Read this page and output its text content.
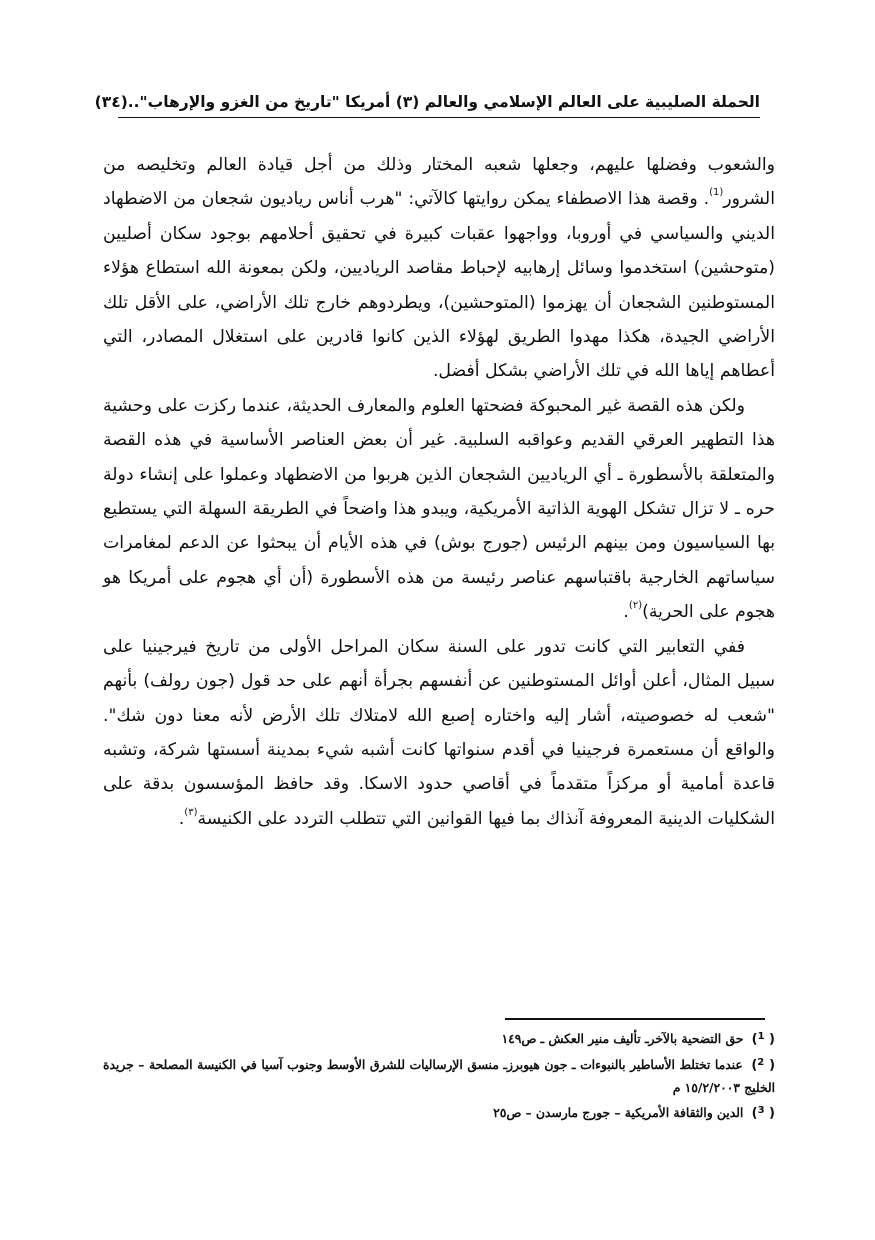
الحملة الصليبية على العالم الإسلامي والعالم (٣) أمريكا "تاريخ من الغزو والإرهاب"..
(٣٤)

والشعوب وفضلها عليهم، وجعلها شعبه المختار وذلك من أجل قيادة العالم وتخليصه من الشرور$^{(1)}$. وقصة هذا الاصطفاء يمكن روايتها كالآتي: "هرب أناس رياديون شجعان من الاضطهاد الديني والسياسي في أوروبا، وواجهوا عقبات كبيرة في تحقيق أحلامهم بوجود سكان أصليين (متوحشين) استخدموا وسائل إرهابيه لإحباط مقاصد الرياديين، ولكن بمعونة الله استطاع هؤلاء المستوطنين الشجعان أن يهزموا (المتوحشين)، ويطردوهم خارج تلك الأراضي، على الأقل تلك الأراضي الجيدة، هكذا مهدوا الطريق لهؤلاء الذين كانوا قادرين على استغلال المصادر، التي أعطاهم إياها الله في تلك الأراضي بشكل أفضل.

ولكن هذه القصة غير المحبوكة فضحتها العلوم والمعارف الحديثة، عندما ركزت على وحشية هذا التطهير العرقي القديم وعواقبه السلبية. غير أن بعض العناصر الأساسية في هذه القصة والمتعلقة بالأسطورة ـ أي الرياديين الشجعان الذين هربوا من الاضطهاد وعملوا على إنشاء دولة حره ـ لا تزال تشكل الهوية الذاتية الأمريكية، ويبدو هذا واضحاً في الطريقة السهلة التي يستطيع بها السياسيون ومن بينهم الرئيس (جورج بوش) في هذه الأيام أن يبحثوا عن الدعم لمغامرات سياساتهم الخارجية باقتباسهم عناصر رئيسة من هذه الأسطورة (أن أي هجوم على أمريكا هو هجوم على الحرية)$^{(٢)}$.

ففي التعابير التي كانت تدور على السنة سكان المراحل الأولى من تاريخ فيرجينيا على سبيل المثال، أعلن أوائل المستوطنين عن أنفسهم بجرأة أنهم على حد قول (جون رولف) بأنهم "شعب له خصوصيته، أشار إليه واختاره إصبع الله لامتلاك تلك الأرض لأنه معنا دون شك". والواقع أن مستعمرة فرجينيا في أقدم سنواتها كانت أشبه شيء بمدينة أسستها شركة، وتشبه قاعدة أمامية أو مركزاً متقدماً في أقاصي حدود الاسكا. وقد حافظ المؤسسون بدقة على الشكليات الدينية المعروفة آنذاك بما فيها القوانين التي تتطلب التردد على الكنيسة$^{(٣)}$.

( $^1$) حق التضحية بالآخرـ تأليف منير العكش ـ ص١٤٩

( $^2$) عندما تختلط الأساطير بالنبوءات ـ جون هيوبرزـ منسق الإرساليات للشرق الأوسط وجنوب آسيا في الكنيسة المصلحة – جريدة الخليج ١٥/٢/٢٠٠٣ م

( $^3$) الدين والثقافة الأمريكية – جورج مارسدن – ص٢٥
